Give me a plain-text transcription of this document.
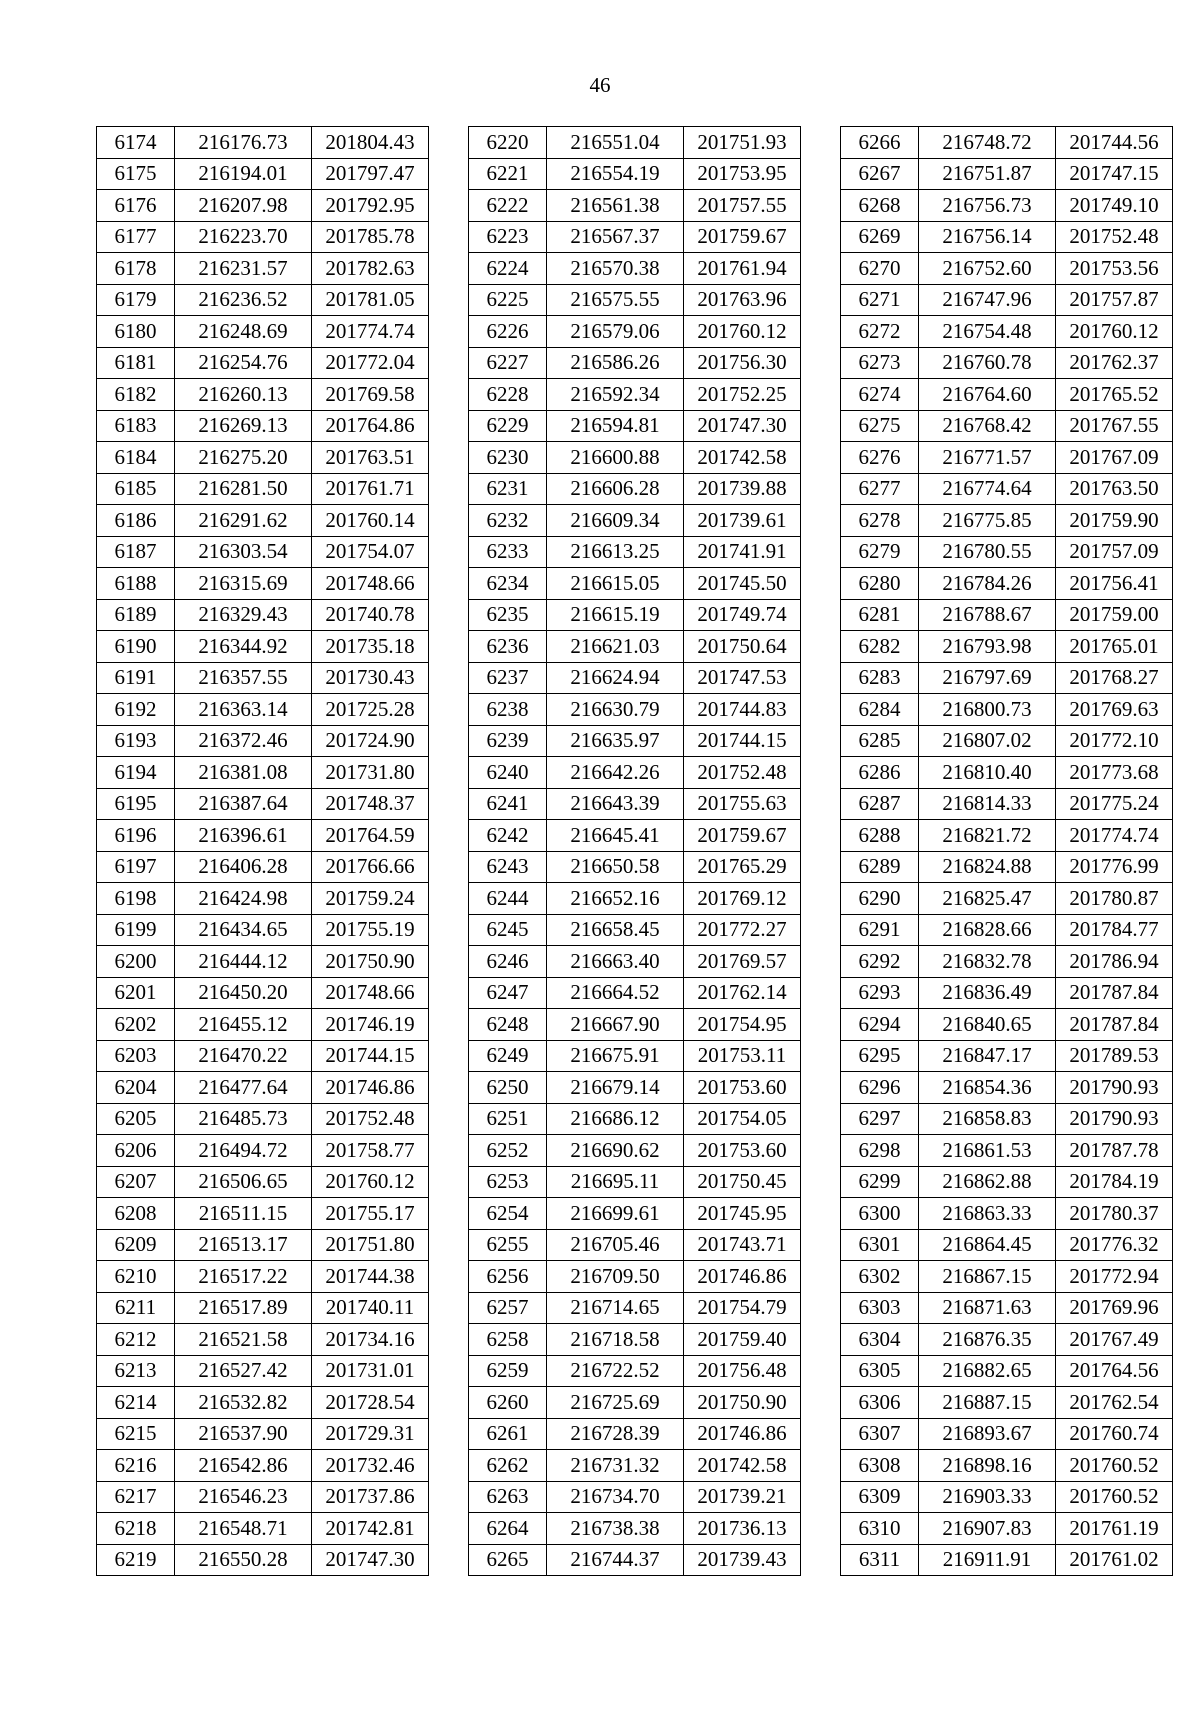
46
6174	216176.73	201804.43
6175	216194.01	201797.47
6176	216207.98	201792.95
6177	216223.70	201785.78
6178	216231.57	201782.63
6179	216236.52	201781.05
6180	216248.69	201774.74
6181	216254.76	201772.04
6182	216260.13	201769.58
6183	216269.13	201764.86
6184	216275.20	201763.51
6185	216281.50	201761.71
6186	216291.62	201760.14
6187	216303.54	201754.07
6188	216315.69	201748.66
6189	216329.43	201740.78
6190	216344.92	201735.18
6191	216357.55	201730.43
6192	216363.14	201725.28
6193	216372.46	201724.90
6194	216381.08	201731.80
6195	216387.64	201748.37
6196	216396.61	201764.59
6197	216406.28	201766.66
6198	216424.98	201759.24
6199	216434.65	201755.19
6200	216444.12	201750.90
6201	216450.20	201748.66
6202	216455.12	201746.19
6203	216470.22	201744.15
6204	216477.64	201746.86
6205	216485.73	201752.48
6206	216494.72	201758.77
6207	216506.65	201760.12
6208	216511.15	201755.17
6209	216513.17	201751.80
6210	216517.22	201744.38
6211	216517.89	201740.11
6212	216521.58	201734.16
6213	216527.42	201731.01
6214	216532.82	201728.54
6215	216537.90	201729.31
6216	216542.86	201732.46
6217	216546.23	201737.86
6218	216548.71	201742.81
6219	216550.28	201747.30
6220	216551.04	201751.93
6221	216554.19	201753.95
6222	216561.38	201757.55
6223	216567.37	201759.67
6224	216570.38	201761.94
6225	216575.55	201763.96
6226	216579.06	201760.12
6227	216586.26	201756.30
6228	216592.34	201752.25
6229	216594.81	201747.30
6230	216600.88	201742.58
6231	216606.28	201739.88
6232	216609.34	201739.61
6233	216613.25	201741.91
6234	216615.05	201745.50
6235	216615.19	201749.74
6236	216621.03	201750.64
6237	216624.94	201747.53
6238	216630.79	201744.83
6239	216635.97	201744.15
6240	216642.26	201752.48
6241	216643.39	201755.63
6242	216645.41	201759.67
6243	216650.58	201765.29
6244	216652.16	201769.12
6245	216658.45	201772.27
6246	216663.40	201769.57
6247	216664.52	201762.14
6248	216667.90	201754.95
6249	216675.91	201753.11
6250	216679.14	201753.60
6251	216686.12	201754.05
6252	216690.62	201753.60
6253	216695.11	201750.45
6254	216699.61	201745.95
6255	216705.46	201743.71
6256	216709.50	201746.86
6257	216714.65	201754.79
6258	216718.58	201759.40
6259	216722.52	201756.48
6260	216725.69	201750.90
6261	216728.39	201746.86
6262	216731.32	201742.58
6263	216734.70	201739.21
6264	216738.38	201736.13
6265	216744.37	201739.43
6266	216748.72	201744.56
6267	216751.87	201747.15
6268	216756.73	201749.10
6269	216756.14	201752.48
6270	216752.60	201753.56
6271	216747.96	201757.87
6272	216754.48	201760.12
6273	216760.78	201762.37
6274	216764.60	201765.52
6275	216768.42	201767.55
6276	216771.57	201767.09
6277	216774.64	201763.50
6278	216775.85	201759.90
6279	216780.55	201757.09
6280	216784.26	201756.41
6281	216788.67	201759.00
6282	216793.98	201765.01
6283	216797.69	201768.27
6284	216800.73	201769.63
6285	216807.02	201772.10
6286	216810.40	201773.68
6287	216814.33	201775.24
6288	216821.72	201774.74
6289	216824.88	201776.99
6290	216825.47	201780.87
6291	216828.66	201784.77
6292	216832.78	201786.94
6293	216836.49	201787.84
6294	216840.65	201787.84
6295	216847.17	201789.53
6296	216854.36	201790.93
6297	216858.83	201790.93
6298	216861.53	201787.78
6299	216862.88	201784.19
6300	216863.33	201780.37
6301	216864.45	201776.32
6302	216867.15	201772.94
6303	216871.63	201769.96
6304	216876.35	201767.49
6305	216882.65	201764.56
6306	216887.15	201762.54
6307	216893.67	201760.74
6308	216898.16	201760.52
6309	216903.33	201760.52
6310	216907.83	201761.19
6311	216911.91	201761.02
